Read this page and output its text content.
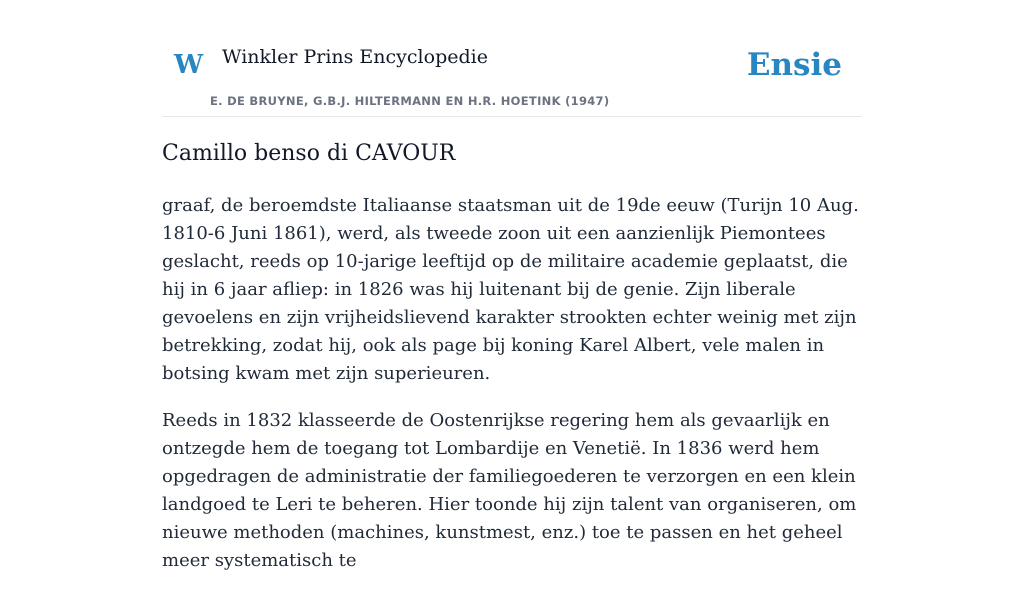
W Winkler Prins Encyclopedie
E. DE BRUYNE, G.B.J. HILTERMANN EN H.R. HOETINK (1947)
Ensie
Camillo benso di CAVOUR

graaf, de beroemdste Italiaanse staatsman uit de 19de eeuw (Turijn 10 Aug. 1810-6 Juni 1861), werd, als tweede zoon uit een aanzienlijk Piemontees geslacht, reeds op 10-jarige leeftijd op de militaire academie geplaatst, die hij in 6 jaar afliep: in 1826 was hij luitenant bij de genie. Zijn liberale gevoelens en zijn vrijheidslievend karakter strookten echter weinig met zijn betrekking, zodat hij, ook als page bij koning Karel Albert, vele malen in botsing kwam met zijn superieuren.

Reeds in 1832 klasseerde de Oostenrijkse regering hem als gevaarlijk en ontzegde hem de toegang tot Lombardije en Venetië. In 1836 werd hem opgedragen de administratie der familiegoederen te verzorgen en een klein landgoed te Leri te beheren. Hier toonde hij zijn talent van organiseren, om nieuwe methoden (machines, kunstmest, enz.) toe te passen en het geheel meer systematisch te
